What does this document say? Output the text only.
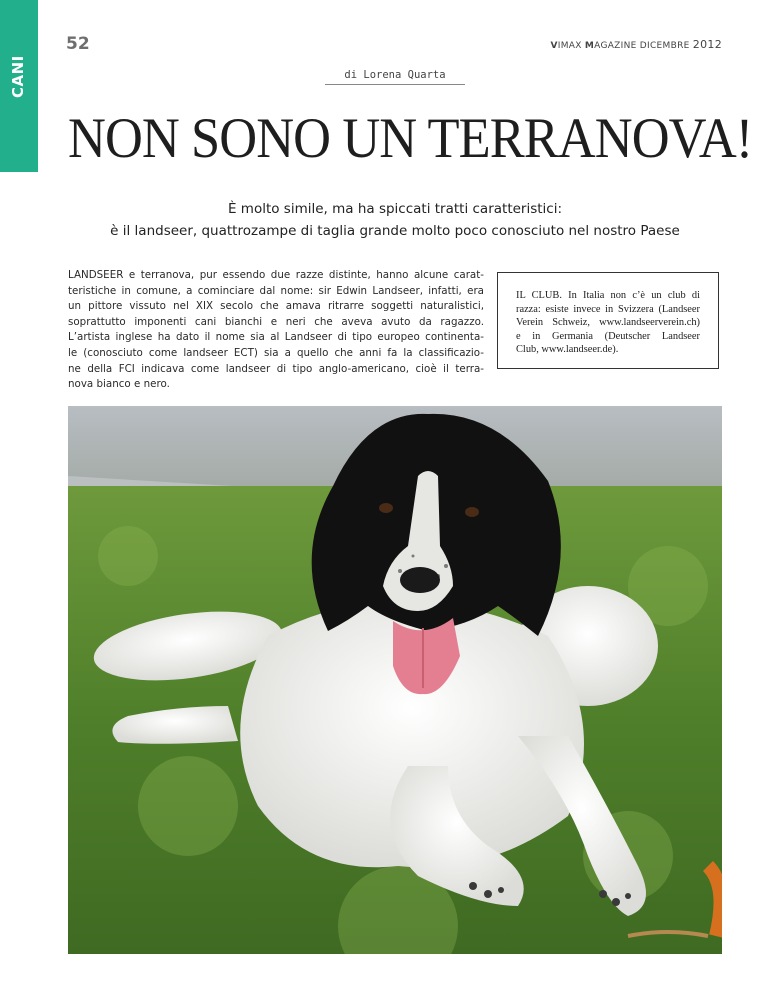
CANI
52	VIMAX MAGAZINE DICEMBRE 2012
di Lorena Quarta
NON SONO UN TERRANOVA!
È molto simile, ma ha spiccati tratti caratteristici:
è il landseer, quattrozampe di taglia grande molto poco conosciuto nel nostro Paese

LANDSEER e terranova, pur essendo due razze distinte, hanno alcune carat-
teristiche in comune, a cominciare dal nome: sir Edwin Landseer, infatti, era
un pittore vissuto nel XIX secolo che amava ritrarre soggetti naturalistici,
soprattutto imponenti cani bianchi e neri che aveva avuto da ragazzo.
L’artista inglese ha dato il nome sia al Landseer di tipo europeo continenta-
le (conosciuto come landseer ECT) sia a quello che anni fa la classificazio-
ne della FCI indicava come landseer di tipo anglo-americano, cioè il terra-
nova bianco e nero.

IL CLUB. In Italia non c’è un club di
razza: esiste invece in Svizzera (Landseer
Verein Schweiz, www.landseerverein.ch)
e in Germania (Deutscher Landseer
Club, www.landseer.de).
